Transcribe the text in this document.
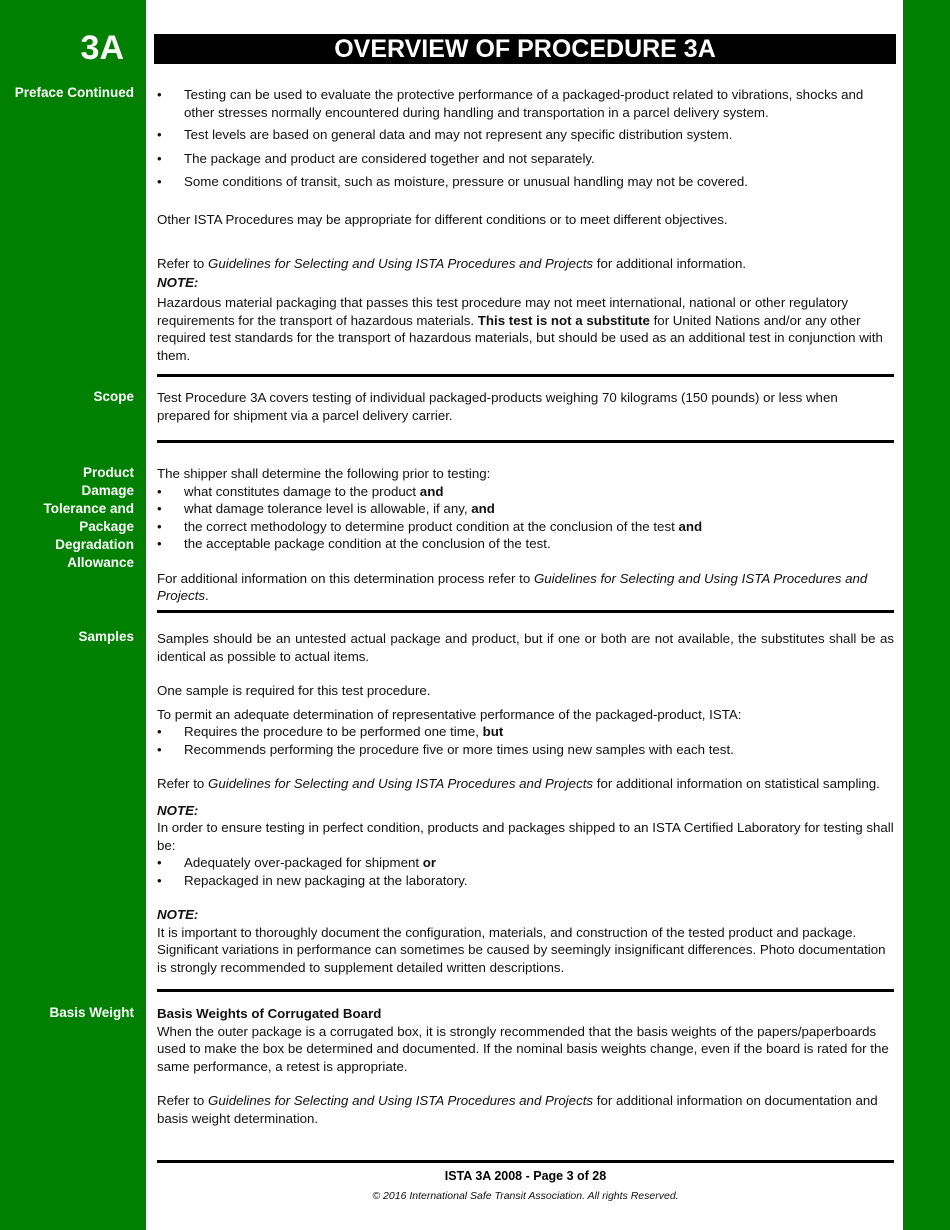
3A
Preface Continued
Scope
Product
Damage
Tolerance and
Package
Degradation
Allowance
Samples
Basis Weight
OVERVIEW OF PROCEDURE 3A

• Testing can be used to evaluate the protective performance of a packaged-product related to vibrations, shocks and other stresses normally encountered during handling and transportation in a parcel delivery system.

• Test levels are based on general data and may not represent any specific distribution system.

• The package and product are considered together and not separately.

• Some conditions of transit, such as moisture, pressure or unusual handling may not be covered.

Other ISTA Procedures may be appropriate for different conditions or to meet different objectives.

Refer to Guidelines for Selecting and Using ISTA Procedures and Projects for additional information.

NOTE:

Hazardous material packaging that passes this test procedure may not meet international, national or other regulatory requirements for the transport of hazardous materials. This test is not a substitute for United Nations and/or any other required test standards for the transport of hazardous materials, but should be used as an additional test in conjunction with them.

Test Procedure 3A covers testing of individual packaged-products weighing 70 kilograms (150 pounds) or less when prepared for shipment via a parcel delivery carrier.

The shipper shall determine the following prior to testing:

• what constitutes damage to the product and

• what damage tolerance level is allowable, if any, and

• the correct methodology to determine product condition at the conclusion of the test and

• the acceptable package condition at the conclusion of the test.

For additional information on this determination process refer to Guidelines for Selecting and Using ISTA Procedures and Projects.

Samples should be an untested actual package and product, but if one or both are not available, the substitutes shall be as identical as possible to actual items.

One sample is required for this test procedure.

To permit an adequate determination of representative performance of the packaged-product, ISTA:

• Requires the procedure to be performed one time, but

• Recommends performing the procedure five or more times using new samples with each test.

Refer to Guidelines for Selecting and Using ISTA Procedures and Projects for additional information on statistical sampling.

NOTE:

In order to ensure testing in perfect condition, products and packages shipped to an ISTA Certified Laboratory for testing shall be:

• Adequately over-packaged for shipment or

• Repackaged in new packaging at the laboratory.

NOTE:

It is important to thoroughly document the configuration, materials, and construction of the tested product and package. Significant variations in performance can sometimes be caused by seemingly insignificant differences. Photo documentation is strongly recommended to supplement detailed written descriptions.

Basis Weights of Corrugated Board

When the outer package is a corrugated box, it is strongly recommended that the basis weights of the papers/paperboards used to make the box be determined and documented. If the nominal basis weights change, even if the board is rated for the same performance, a retest is appropriate.

Refer to Guidelines for Selecting and Using ISTA Procedures and Projects for additional information on documentation and basis weight determination.

ISTA 3A 2008 - Page 3 of 28
© 2016 International Safe Transit Association. All rights Reserved.
